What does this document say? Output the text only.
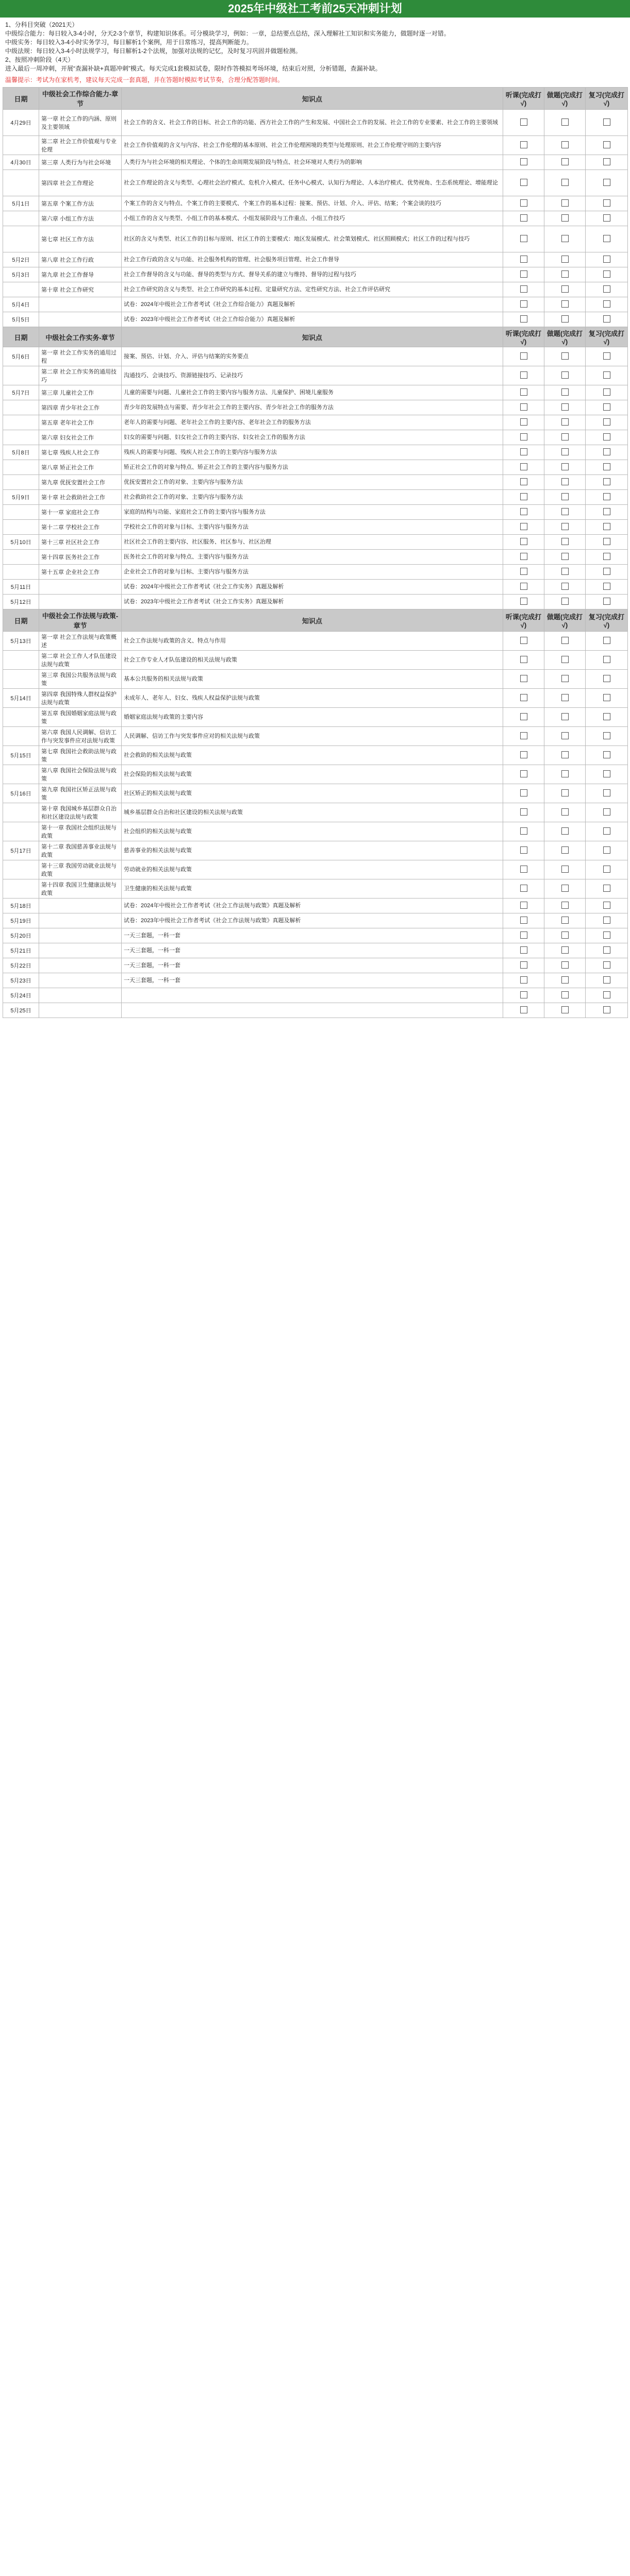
2025年中级社工考前25天冲刺计划

1、分科目突破（2021天）

中级综合能力：每日较入3-4小时，分天2-3个章节，构建知识体系。可分模块学习，例如：一章，总结要点总结，深入理解社工知识和实务能力，做题时逐一对错。

中级实务：每日较入3-4小时实务学习，每日解析1个案例，用于日常练习，提高判断能力。

中级法规：每日较入3-4小时法规学习，每日解析1-2个法规，加强对法规的记忆，及时复习巩固并做题检测。

2、按照冲刺阶段（4天）

进入最后一周冲刺，开展“查漏补缺+真题冲刺”模式。每天完成1套模拟试卷，限时作答模拟考场环境，结束后对照，分析错题，查漏补缺。

温馨提示：考试为在家机考，建议每天完成一套真题，并在答题时模拟考试节奏，合理分配答题时间。
日期	中级社会工作综合能力-章节	知识点	听课(完成打√)	做题(完成打√)	复习(完成打√)
4月29日	第一章 社会工作的内涵、原则及主要领域	社会工作的含义、社会工作的目标、社会工作的功能、西方社会工作的产生和发展、中国社会工作的发展、社会工作的专业要素、社会工作的主要领域			
	第二章 社会工作价值观与专业伦理	社会工作价值观的含义与内容、社会工作伦理的基本原则、社会工作伦理困境的类型与处理原则、社会工作伦理守则的主要内容			
4月30日	第三章 人类行为与社会环境	人类行为与社会环境的相关理论、个体的生命周期发展阶段与特点、社会环境对人类行为的影响			
	第四章 社会工作理论	社会工作理论的含义与类型、心理社会治疗模式、危机介入模式、任务中心模式、认知行为理论、人本治疗模式、优势视角、生态系统理论、增能理论			
5月1日	第五章 个案工作方法	个案工作的含义与特点、个案工作的主要模式、个案工作的基本过程：接案、预估、计划、介入、评估、结案；个案会谈的技巧			
	第六章 小组工作方法	小组工作的含义与类型、小组工作的基本模式、小组发展阶段与工作重点、小组工作技巧			
	第七章 社区工作方法	社区的含义与类型、社区工作的目标与原则、社区工作的主要模式：地区发展模式、社会策划模式、社区照顾模式；社区工作的过程与技巧			
5月2日	第八章 社会工作行政	社会工作行政的含义与功能、社会服务机构的管理、社会服务项目管理、社会工作督导			
5月3日	第九章 社会工作督导	社会工作督导的含义与功能、督导的类型与方式、督导关系的建立与维持、督导的过程与技巧			
	第十章 社会工作研究	社会工作研究的含义与类型、社会工作研究的基本过程、定量研究方法、定性研究方法、社会工作评估研究			
5月4日		试卷：2024年中级社会工作者考试《社会工作综合能力》真题及解析			
5月5日		试卷：2023年中级社会工作者考试《社会工作综合能力》真题及解析			
日期	中级社会工作实务-章节	知识点	听课(完成打√)	做题(完成打√)	复习(完成打√)
5月6日	第一章 社会工作实务的通用过程	接案、预估、计划、介入、评估与结案的实务要点			
	第二章 社会工作实务的通用技巧	沟通技巧、会谈技巧、资源链接技巧、记录技巧			
5月7日	第三章 儿童社会工作	儿童的需要与问题、儿童社会工作的主要内容与服务方法、儿童保护、困境儿童服务			
	第四章 青少年社会工作	青少年的发展特点与需要、青少年社会工作的主要内容、青少年社会工作的服务方法			
	第五章 老年社会工作	老年人的需要与问题、老年社会工作的主要内容、老年社会工作的服务方法			
	第六章 妇女社会工作	妇女的需要与问题、妇女社会工作的主要内容、妇女社会工作的服务方法			
5月8日	第七章 残疾人社会工作	残疾人的需要与问题、残疾人社会工作的主要内容与服务方法			
	第八章 矫正社会工作	矫正社会工作的对象与特点、矫正社会工作的主要内容与服务方法			
	第九章 优抚安置社会工作	优抚安置社会工作的对象、主要内容与服务方法			
5月9日	第十章 社会救助社会工作	社会救助社会工作的对象、主要内容与服务方法			
	第十一章 家庭社会工作	家庭的结构与功能、家庭社会工作的主要内容与服务方法			
	第十二章 学校社会工作	学校社会工作的对象与目标、主要内容与服务方法			
5月10日	第十三章 社区社会工作	社区社会工作的主要内容、社区服务、社区参与、社区治理			
	第十四章 医务社会工作	医务社会工作的对象与特点、主要内容与服务方法			
	第十五章 企业社会工作	企业社会工作的对象与目标、主要内容与服务方法			
5月11日		试卷：2024年中级社会工作者考试《社会工作实务》真题及解析			
5月12日		试卷：2023年中级社会工作者考试《社会工作实务》真题及解析			
日期	中级社会工作法规与政策-章节	知识点	听课(完成打√)	做题(完成打√)	复习(完成打√)
5月13日	第一章 社会工作法规与政策概述	社会工作法规与政策的含义、特点与作用			
	第二章 社会工作人才队伍建设法规与政策	社会工作专业人才队伍建设的相关法规与政策			
	第三章 我国公共服务法规与政策	基本公共服务的相关法规与政策			
5月14日	第四章 我国特殊人群权益保护法规与政策	未成年人、老年人、妇女、残疾人权益保护法规与政策			
	第五章 我国婚姻家庭法规与政策	婚姻家庭法规与政策的主要内容			
	第六章 我国人民调解、信访工作与突发事件应对法规与政策	人民调解、信访工作与突发事件应对的相关法规与政策			
5月15日	第七章 我国社会救助法规与政策	社会救助的相关法规与政策			
	第八章 我国社会保险法规与政策	社会保险的相关法规与政策			
5月16日	第九章 我国社区矫正法规与政策	社区矫正的相关法规与政策			
	第十章 我国城乡基层群众自治和社区建设法规与政策	城乡基层群众自治和社区建设的相关法规与政策			
	第十一章 我国社会组织法规与政策	社会组织的相关法规与政策			
5月17日	第十二章 我国慈善事业法规与政策	慈善事业的相关法规与政策			
	第十三章 我国劳动就业法规与政策	劳动就业的相关法规与政策			
	第十四章 我国卫生健康法规与政策	卫生健康的相关法规与政策			
5月18日		试卷：2024年中级社会工作者考试《社会工作法规与政策》真题及解析			
5月19日		试卷：2023年中级社会工作者考试《社会工作法规与政策》真题及解析			
5月20日		一天三套题，一科一套			
5月21日		一天三套题，一科一套			
5月22日		一天三套题，一科一套			
5月23日		一天三套题，一科一套			
5月24日					
5月25日					
